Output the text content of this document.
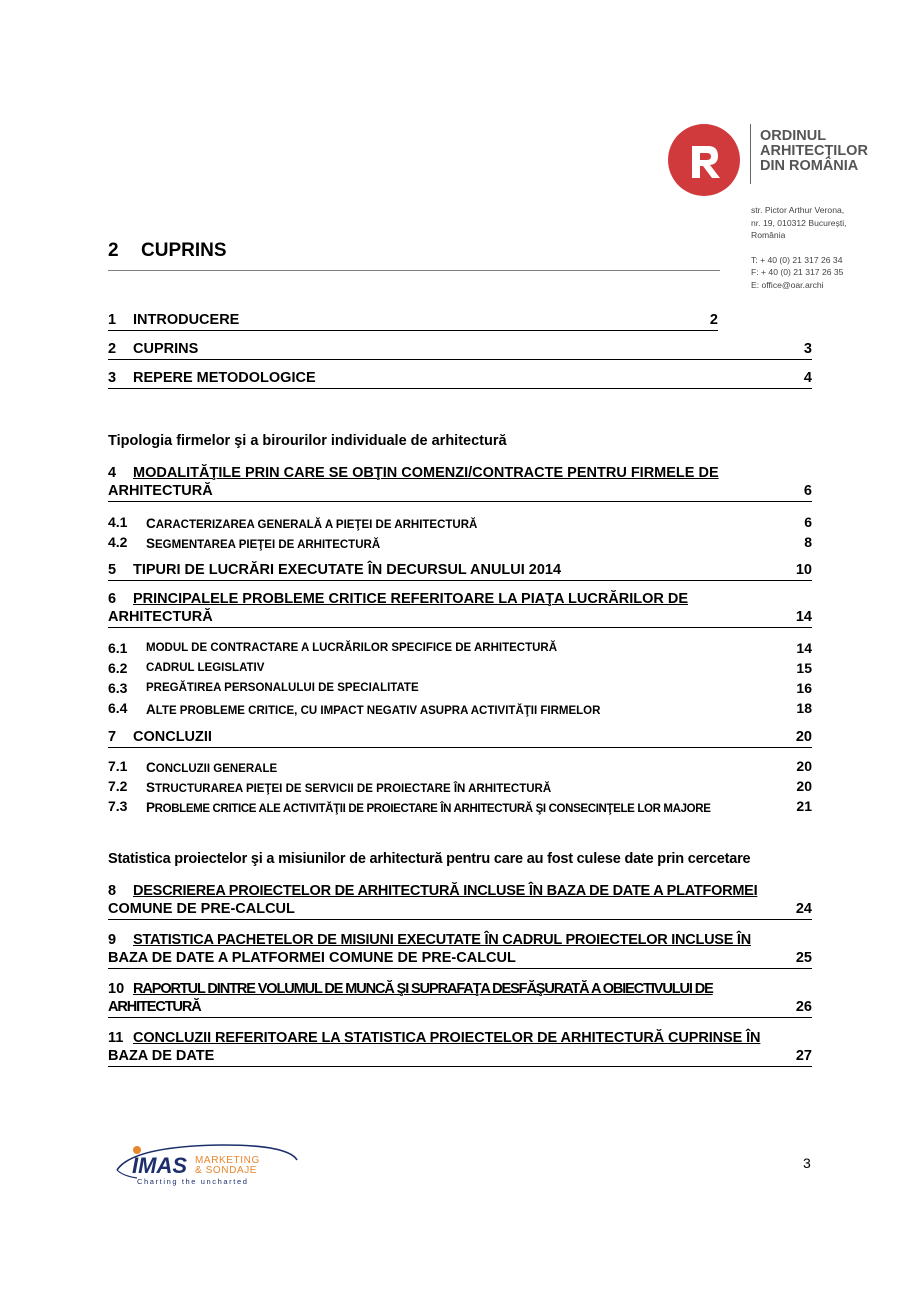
ORDINUL
ARHITECȚILOR
DIN ROMÂNIA
str. Pictor Arthur Verona,
nr. 19, 010312 București,
România
T: + 40 (0) 21 317 26 34
F: + 40 (0) 21 317 26 35
E: office@oar.archi
2 CUPRINS
1 INTRODUCERE	2
2 CUPRINS	3
3 REPERE METODOLOGICE	4
Tipologia firmelor şi a birourilor individuale de arhitectură
4 MODALITĂŢILE PRIN CARE SE OBŢIN COMENZI/CONTRACTE PENTRU FIRMELE DE
ARHITECTURĂ	6
4.1 CARACTERIZAREA GENERALĂ A PIEŢEI DE ARHITECTURĂ	6
4.2 SEGMENTAREA PIEŢEI DE ARHITECTURĂ	8
5 TIPURI DE LUCRĂRI EXECUTATE ÎN DECURSUL ANULUI 2014	10
6 PRINCIPALELE PROBLEME CRITICE REFERITOARE LA PIAŢA LUCRĂRILOR DE
ARHITECTURĂ	14
6.1 MODUL DE CONTRACTARE A LUCRĂRILOR SPECIFICE DE ARHITECTURĂ	14
6.2 CADRUL LEGISLATIV	15
6.3 PREGĂTIREA PERSONALULUI DE SPECIALITATE	16
6.4 ALTE PROBLEME CRITICE, CU IMPACT NEGATIV ASUPRA ACTIVITĂŢII FIRMELOR	18
7 CONCLUZII	20
7.1 CONCLUZII GENERALE	20
7.2 STRUCTURAREA PIEŢEI DE SERVICII DE PROIECTARE ÎN ARHITECTURĂ	20
7.3 PROBLEME CRITICE ALE ACTIVITĂŢII DE PROIECTARE ÎN ARHITECTURĂ ŞI CONSECINŢELE LOR MAJORE	21
Statistica proiectelor şi a misiunilor de arhitectură pentru care au fost culese date prin cercetare
8 DESCRIEREA PROIECTELOR DE ARHITECTURĂ INCLUSE ÎN BAZA DE DATE A PLATFORMEI
COMUNE DE PRE-CALCUL	24
9 STATISTICA PACHETELOR DE MISIUNI EXECUTATE ÎN CADRUL PROIECTELOR INCLUSE ÎN
BAZA DE DATE A PLATFORMEI COMUNE DE PRE-CALCUL	25
10 RAPORTUL DINTRE VOLUMUL DE MUNCĂ ŞI SUPRAFAŢA DESFĂŞURATĂ A OBIECTIVULUI DE
ARHITECTURĂ	26
11 CONCLUZII REFERITOARE LA STATISTICA PROIECTELOR DE ARHITECTURĂ CUPRINSE ÎN
BAZA DE DATE	27
IMAS MARKETING
& SONDAJE
Charting the uncharted
3
